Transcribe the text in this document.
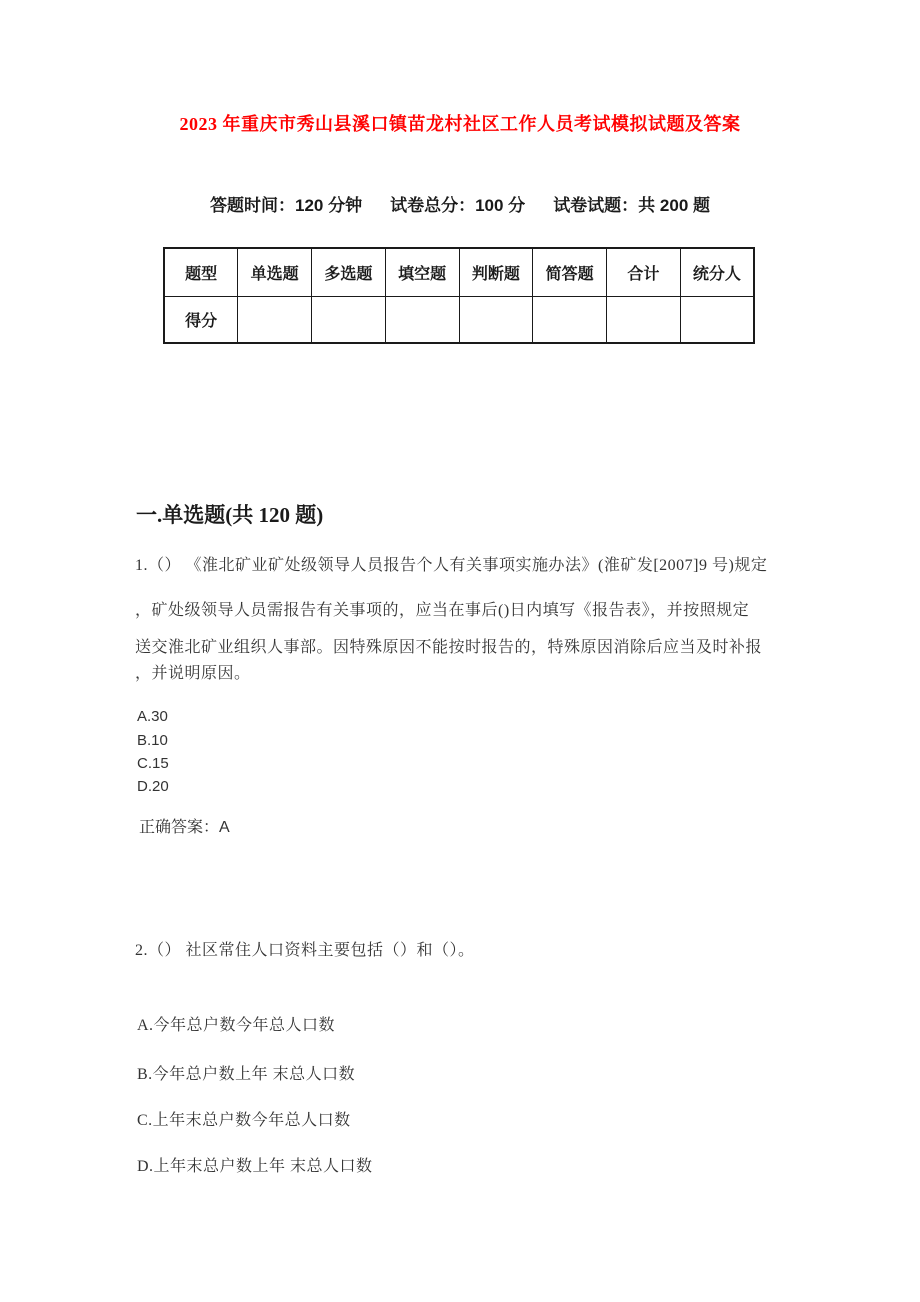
2023 年重庆市秀山县溪口镇苗龙村社区工作人员考试模拟试题及答案
答题时间：120 分钟 试卷总分：100 分 试卷试题：共 200 题
题型	单选题	多选题	填空题	判断题	简答题	合计	统分人
得分							
一.单选题(共 120 题)
1.（） 《淮北矿业矿处级领导人员报告个人有关事项实施办法》(淮矿发[2007]9 号)规定
，矿处级领导人员需报告有关事项的，应当在事后()日内填写《报告表》，并按照规定
送交淮北矿业组织人事部。因特殊原因不能按时报告的，特殊原因消除后应当及时补报
，并说明原因。
A.30
B.10
C.15
D.20
正确答案：A
2.（） 社区常住人口资料主要包括（）和（）。
A.今年总户数今年总人口数
B.今年总户数上年 末总人口数
C.上年末总户数今年总人口数
D.上年末总户数上年 末总人口数
